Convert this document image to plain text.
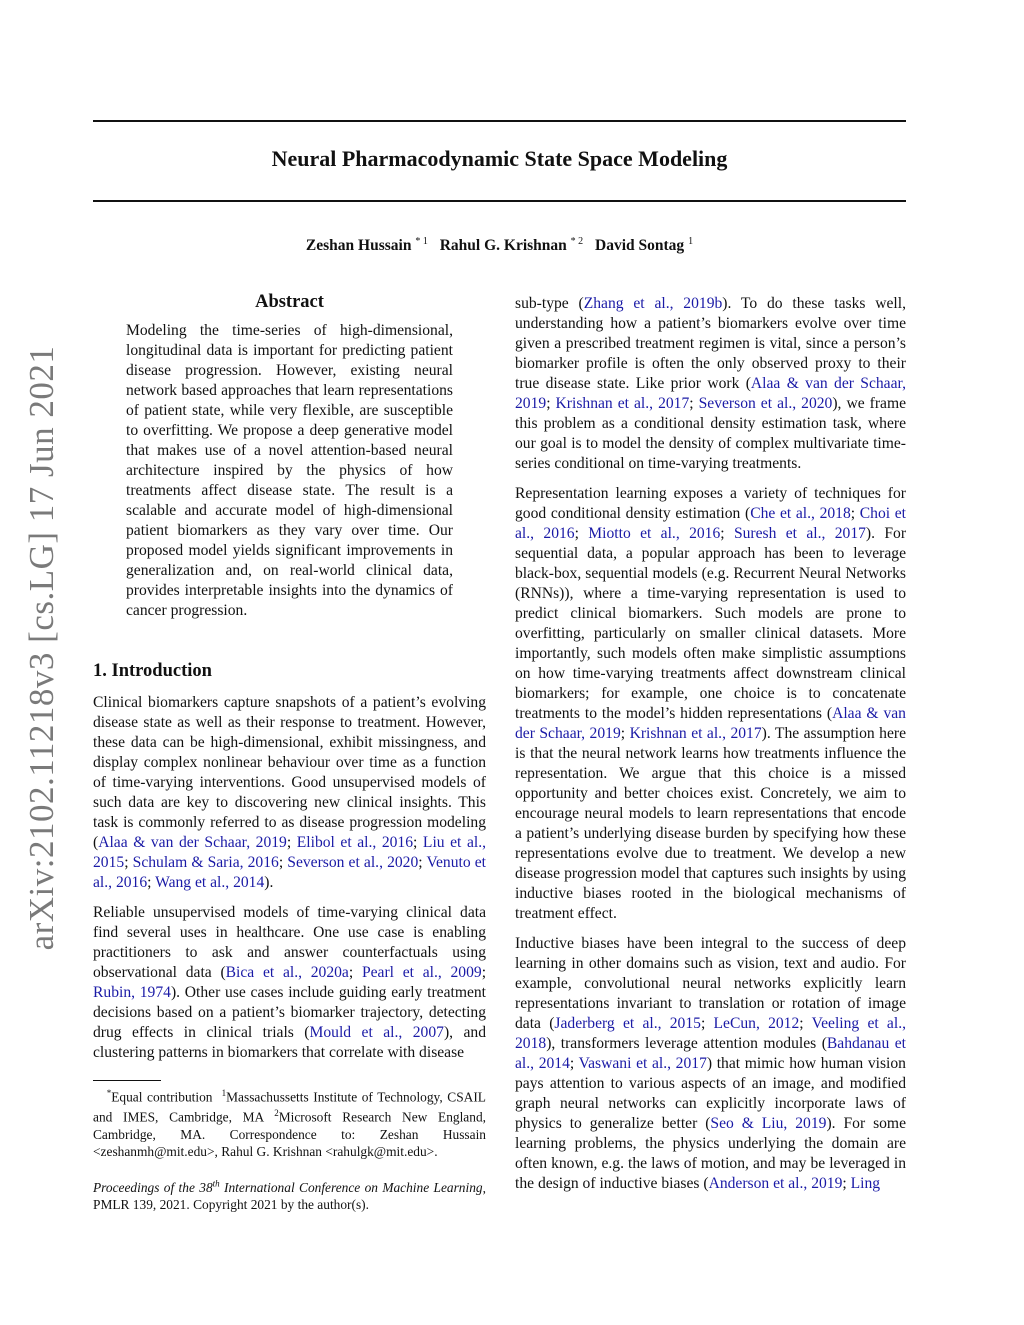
Neural Pharmacodynamic State Space Modeling
Zeshan Hussain $^{* 1}$ Rahul G. Krishnan $^{* 2}$ David Sontag $^1$
arXiv:2102.11218v3 [cs.LG] 17 Jun 2021
Abstract
Modeling the time-series of high-dimensional, longitudinal data is important for predicting patient disease progression. However, existing neural network based approaches that learn representations of patient state, while very flexible, are susceptible to overfitting. We propose a deep generative model that makes use of a novel attention-based neural architecture inspired by the physics of how treatments affect disease state. The result is a scalable and accurate model of high-dimensional patient biomarkers as they vary over time. Our proposed model yields significant improvements in generalization and, on real-world clinical data, provides interpretable insights into the dynamics of cancer progression.
1. Introduction

Clinical biomarkers capture snapshots of a patient’s evolving disease state as well as their response to treatment. However, these data can be high-dimensional, exhibit missingness, and display complex nonlinear behaviour over time as a function of time-varying interventions. Good unsupervised models of such data are key to discovering new clinical insights. This task is commonly referred to as disease progression modeling (Alaa & van der Schaar, 2019; Elibol et al., 2016; Liu et al., 2015; Schulam & Saria, 2016; Severson et al., 2020; Venuto et al., 2016; Wang et al., 2014).

Reliable unsupervised models of time-varying clinical data find several uses in healthcare. One use case is enabling practitioners to ask and answer counterfactuals using observational data (Bica et al., 2020a; Pearl et al., 2009; Rubin, 1974). Other use cases include guiding early treatment decisions based on a patient’s biomarker trajectory, detecting drug effects in clinical trials (Mould et al., 2007), and clustering patterns in biomarkers that correlate with disease

*Equal contribution $^1$Massachussetts Institute of Technology, CSAIL and IMES, Cambridge, MA $^2$Microsoft Research New England, Cambridge, MA. Correspondence to: Zeshan Hussain <zeshanmh@mit.edu>, Rahul G. Krishnan <rahulgk@mit.edu>.
Proceedings of the 38th International Conference on Machine Learning, PMLR 139, 2021. Copyright 2021 by the author(s).

sub-type (Zhang et al., 2019b). To do these tasks well, understanding how a patient’s biomarkers evolve over time given a prescribed treatment regimen is vital, since a person’s biomarker profile is often the only observed proxy to their true disease state. Like prior work (Alaa & van der Schaar, 2019; Krishnan et al., 2017; Severson et al., 2020), we frame this problem as a conditional density estimation task, where our goal is to model the density of complex multivariate time-series conditional on time-varying treatments.

Representation learning exposes a variety of techniques for good conditional density estimation (Che et al., 2018; Choi et al., 2016; Miotto et al., 2016; Suresh et al., 2017). For sequential data, a popular approach has been to leverage black-box, sequential models (e.g. Recurrent Neural Networks (RNNs)), where a time-varying representation is used to predict clinical biomarkers. Such models are prone to overfitting, particularly on smaller clinical datasets. More importantly, such models often make simplistic assumptions on how time-varying treatments affect downstream clinical biomarkers; for example, one choice is to concatenate treatments to the model’s hidden representations (Alaa & van der Schaar, 2019; Krishnan et al., 2017). The assumption here is that the neural network learns how treatments influence the representation. We argue that this choice is a missed opportunity and better choices exist. Concretely, we aim to encourage neural models to learn representations that encode a patient’s underlying disease burden by specifying how these representations evolve due to treatment. We develop a new disease progression model that captures such insights by using inductive biases rooted in the biological mechanisms of treatment effect.

Inductive biases have been integral to the success of deep learning in other domains such as vision, text and audio. For example, convolutional neural networks explicitly learn representations invariant to translation or rotation of image data (Jaderberg et al., 2015; LeCun, 2012; Veeling et al., 2018), transformers leverage attention modules (Bahdanau et al., 2014; Vaswani et al., 2017) that mimic how human vision pays attention to various aspects of an image, and modified graph neural networks can explicitly incorporate laws of physics to generalize better (Seo & Liu, 2019). For some learning problems, the physics underlying the domain are often known, e.g. the laws of motion, and may be leveraged in the design of inductive biases (Anderson et al., 2019; Ling
